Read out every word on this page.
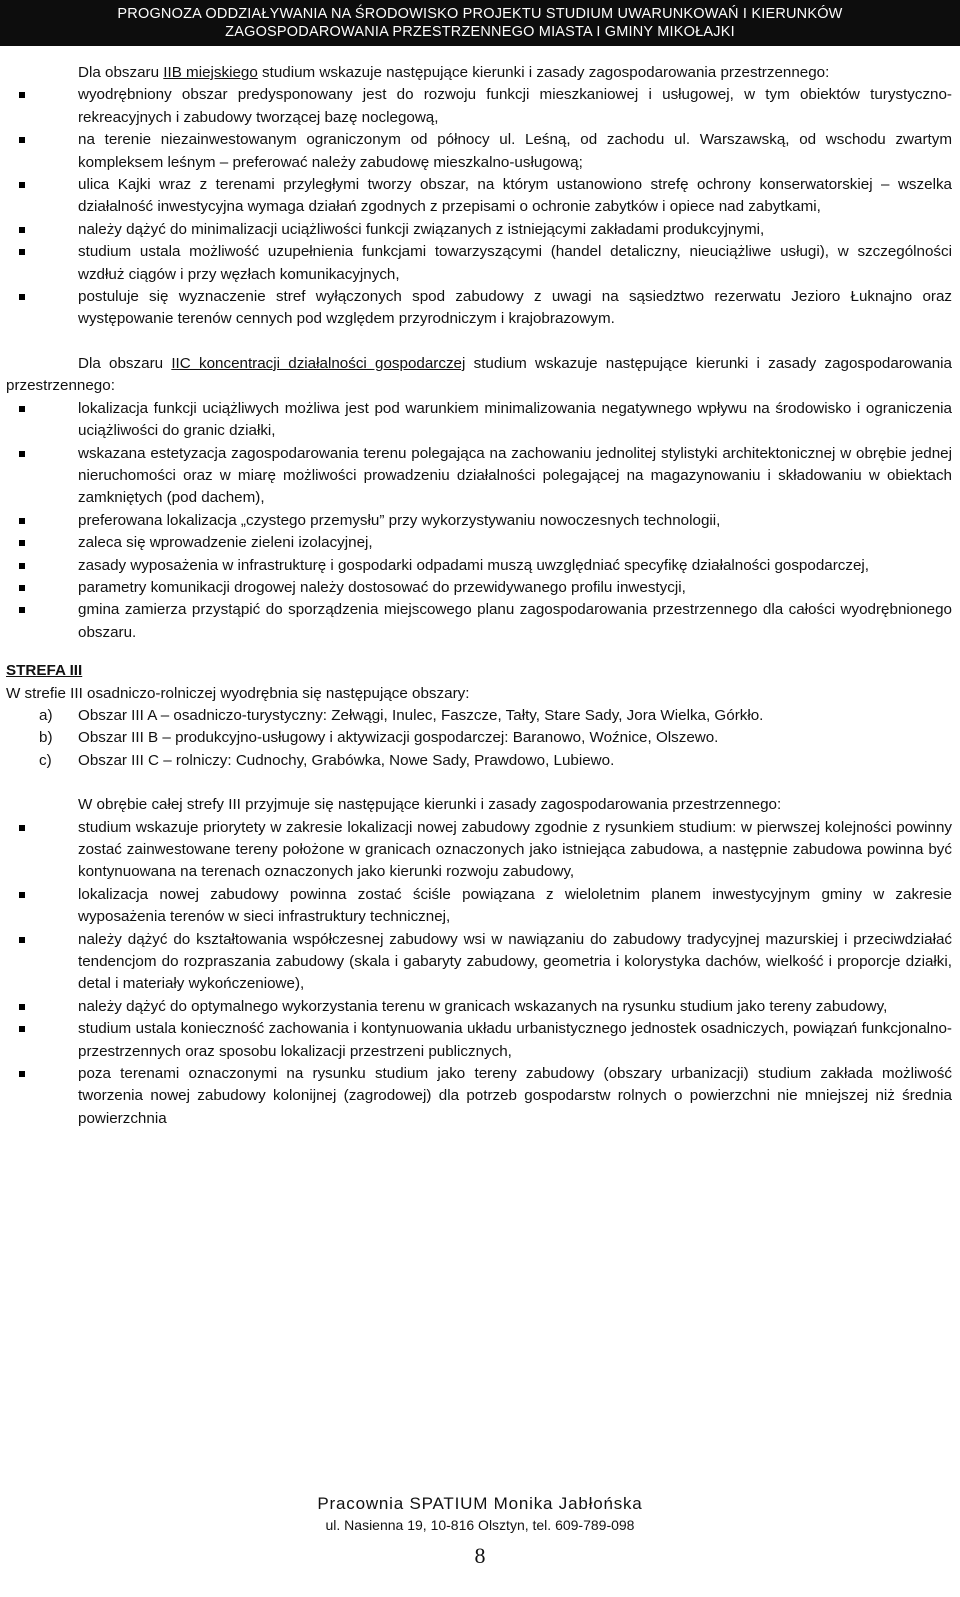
PROGNOZA ODDZIAŁYWANIA NA ŚRODOWISKO PROJEKTU STUDIUM UWARUNKOWAŃ I KIERUNKÓW
ZAGOSPODAROWANIA PRZESTRZENNEGO MIASTA I GMINY MIKOŁAJKI

Dla obszaru IIB miejskiego studium wskazuje następujące kierunki i zasady zagospodarowania przestrzennego:

wyodrębniony obszar predysponowany jest do rozwoju funkcji mieszkaniowej i usługowej, w tym obiektów turystyczno-rekreacyjnych i zabudowy tworzącej bazę noclegową,
na terenie niezainwestowanym ograniczonym od północy ul. Leśną, od zachodu ul. Warszawską, od wschodu zwartym kompleksem leśnym – preferować należy zabudowę mieszkalno-usługową;
ulica Kajki wraz z terenami przyległymi tworzy obszar, na którym ustanowiono strefę ochrony konserwatorskiej – wszelka działalność inwestycyjna wymaga działań zgodnych z przepisami o ochronie zabytków i opiece nad zabytkami,
należy dążyć do minimalizacji uciążliwości funkcji związanych z istniejącymi zakładami produkcyjnymi,
studium ustala możliwość uzupełnienia funkcjami towarzyszącymi (handel detaliczny, nieuciążliwe usługi), w szczególności wzdłuż ciągów i przy węzłach komunikacyjnych,
postuluje się wyznaczenie stref wyłączonych spod zabudowy z uwagi na sąsiedztwo rezerwatu Jezioro Łuknajno oraz występowanie terenów cennych pod względem przyrodniczym i krajobrazowym.

Dla obszaru IIC koncentracji działalności gospodarczej studium wskazuje następujące kierunki i zasady zagospodarowania przestrzennego:

lokalizacja funkcji uciążliwych możliwa jest pod warunkiem minimalizowania negatywnego wpływu na środowisko i ograniczenia uciążliwości do granic działki,
wskazana estetyzacja zagospodarowania terenu polegająca na zachowaniu jednolitej stylistyki architektonicznej w obrębie jednej nieruchomości oraz w miarę możliwości prowadzeniu działalności polegającej na magazynowaniu i składowaniu w obiektach zamkniętych (pod dachem),
preferowana lokalizacja „czystego przemysłu” przy wykorzystywaniu nowoczesnych technologii,
zaleca się wprowadzenie zieleni izolacyjnej,
zasady wyposażenia w infrastrukturę i gospodarki odpadami muszą uwzględniać specyfikę działalności gospodarczej,
parametry komunikacji drogowej należy dostosować do przewidywanego profilu inwestycji,
gmina zamierza przystąpić do sporządzenia miejscowego planu zagospodarowania przestrzennego dla całości wyodrębnionego obszaru.

STREFA III

W strefie III osadniczo-rolniczej wyodrębnia się następujące obszary:

a) Obszar III A – osadniczo-turystyczny: Zełwągi, Inulec, Faszcze, Tałty, Stare Sady, Jora Wielka, Górkło.
b) Obszar III B – produkcyjno-usługowy i aktywizacji gospodarczej: Baranowo, Woźnice, Olszewo.
c) Obszar III C – rolniczy: Cudnochy, Grabówka, Nowe Sady, Prawdowo, Lubiewo.

W obrębie całej strefy III przyjmuje się następujące kierunki i zasady zagospodarowania przestrzennego:

studium wskazuje priorytety w zakresie lokalizacji nowej zabudowy zgodnie z rysunkiem studium: w pierwszej kolejności powinny zostać zainwestowane tereny położone w granicach oznaczonych jako istniejąca zabudowa, a następnie zabudowa powinna być kontynuowana na terenach oznaczonych jako kierunki rozwoju zabudowy,
lokalizacja nowej zabudowy powinna zostać ściśle powiązana z wieloletnim planem inwestycyjnym gminy w zakresie wyposażenia terenów w sieci infrastruktury technicznej,
należy dążyć do kształtowania współczesnej zabudowy wsi w nawiązaniu do zabudowy tradycyjnej mazurskiej i przeciwdziałać tendencjom do rozpraszania zabudowy (skala i gabaryty zabudowy, geometria i kolorystyka dachów, wielkość i proporcje działki, detal i materiały wykończeniowe),
należy dążyć do optymalnego wykorzystania terenu w granicach wskazanych na rysunku studium jako tereny zabudowy,
studium ustala konieczność zachowania i kontynuowania układu urbanistycznego jednostek osadniczych, powiązań funkcjonalno-przestrzennych oraz sposobu lokalizacji przestrzeni publicznych,
poza terenami oznaczonymi na rysunku studium jako tereny zabudowy (obszary urbanizacji) studium zakłada możliwość tworzenia nowej zabudowy kolonijnej (zagrodowej) dla potrzeb gospodarstw rolnych o powierzchni nie mniejszej niż średnia powierzchnia
Pracownia SPATIUM Monika Jabłońska
ul. Nasienna 19, 10-816 Olsztyn, tel. 609-789-098
8
